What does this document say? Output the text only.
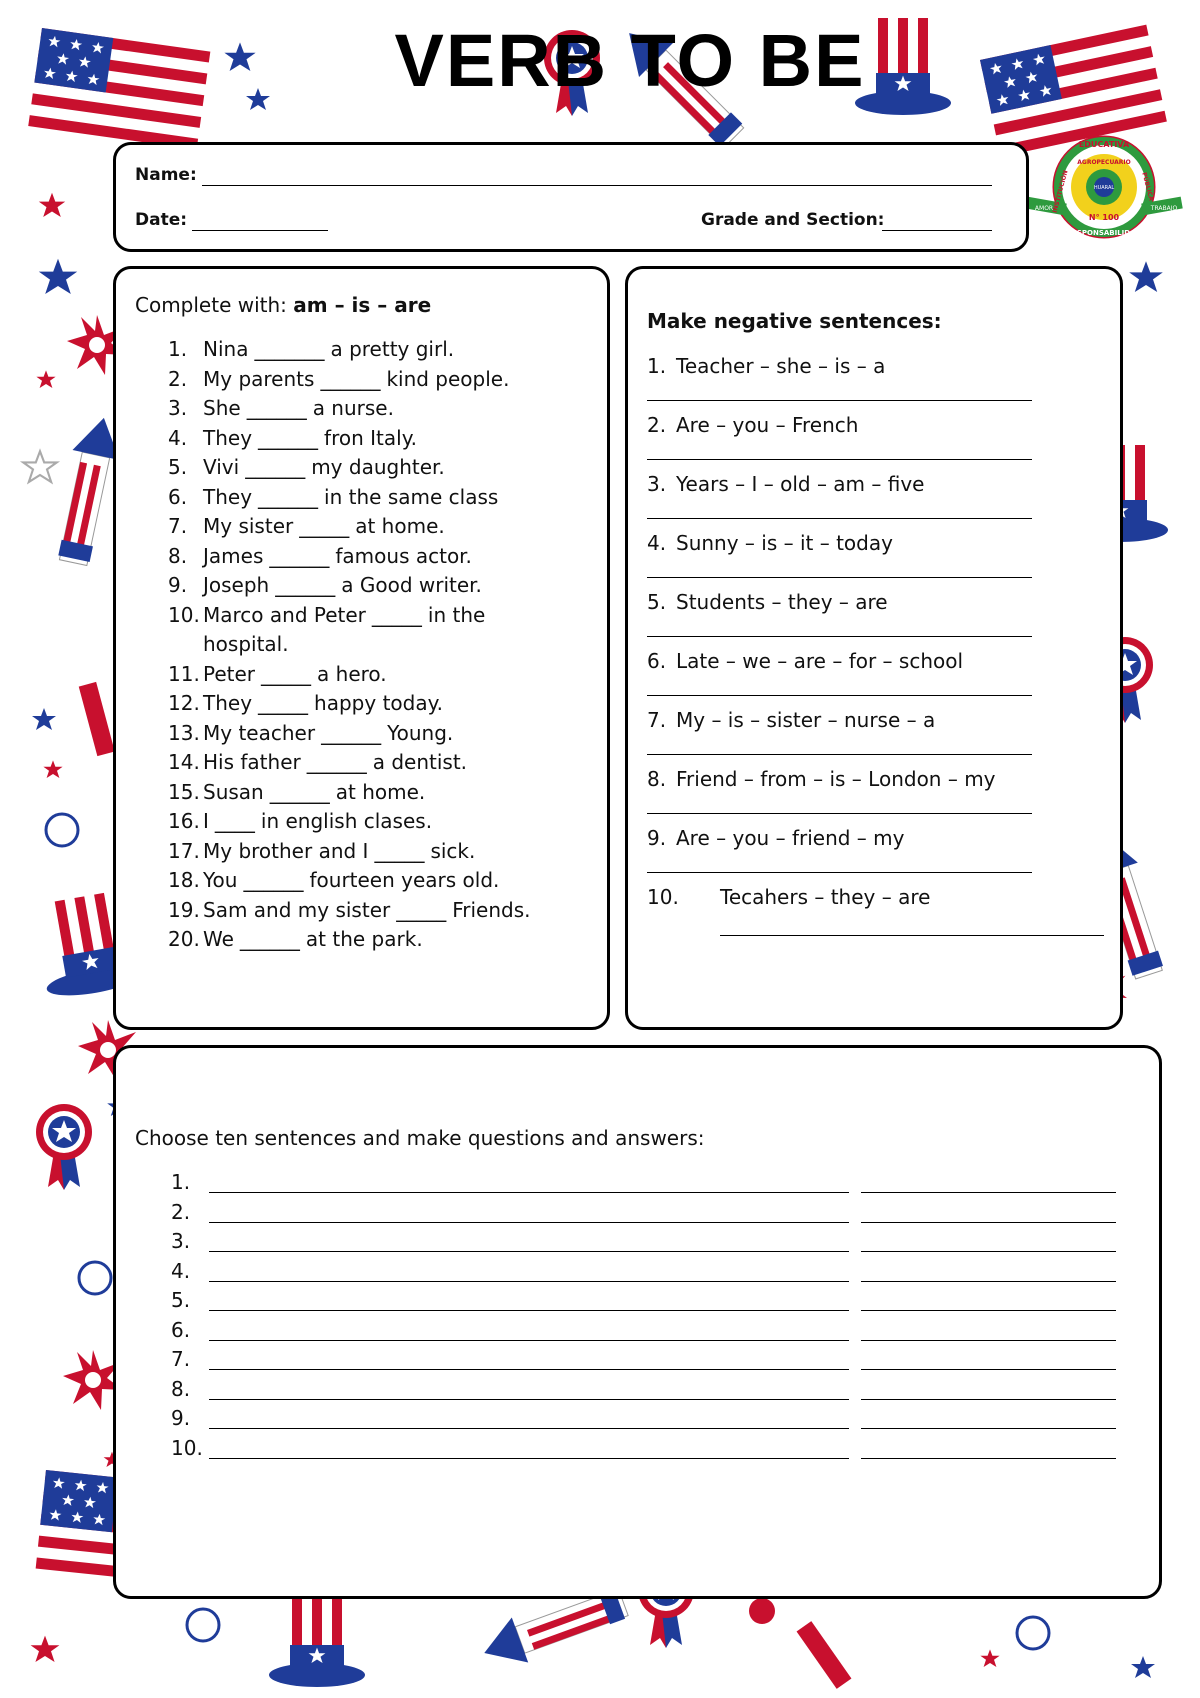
VERB TO BE
EDUCATIVA
AGROPECUARIO
INSTITUCIÓN	PÚBLICA
HUARAL
N° 100
RESPONSABILIDAD
AMOR	TRABAJO
Name:
Date:	Grade and Section:
Complete with: am – is – are
1. Nina _______ a pretty girl.
2. My parents ______ kind people.
3. She ______ a nurse.
4. They ______ fron Italy.
5. Vivi ______ my daughter.
6. They ______ in the same class
7. My sister _____ at home.
8. James ______ famous actor.
9. Joseph ______ a Good writer.
10. Marco and Peter _____ in the
hospital.
11. Peter _____ a hero.
12. They _____ happy today.
13. My teacher ______ Young.
14. His father ______ a dentist.
15. Susan ______ at home.
16. I ____ in english clases.
17. My brother and I _____ sick.
18. You ______ fourteen years old.
19. Sam and my sister _____ Friends.
20. We ______ at the park.
Make negative sentences:
1. Teacher – she – is – a
2. Are – you – French
3. Years – I – old – am – five
4. Sunny – is – it – today
5. Students – they – are
6. Late – we – are – for – school
7. My – is – sister – nurse – a
8. Friend – from – is – London – my
9. Are – you – friend – my
10. Tecahers – they – are
Choose ten sentences and make questions and answers:
1.
2.
3.
4.
5.
6.
7.
8.
9.
10.
